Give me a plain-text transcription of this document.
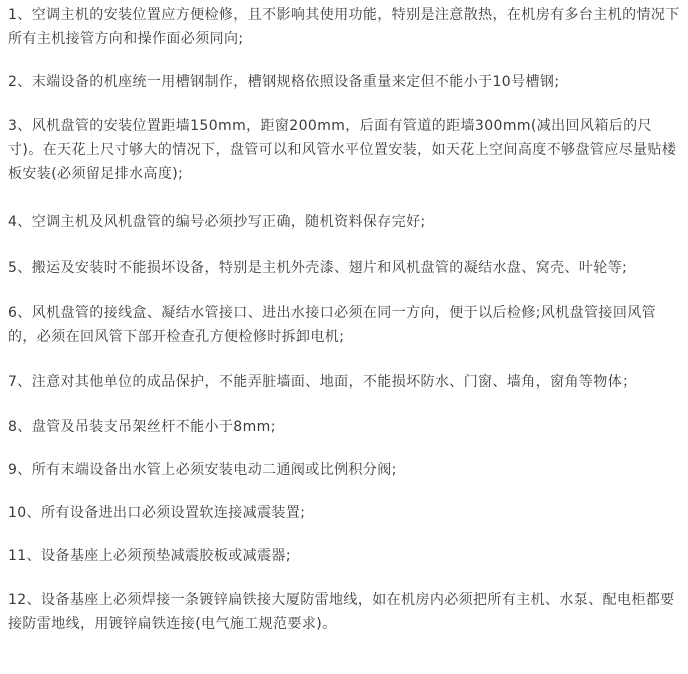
1、空调主机的安装位置应方便检修，且不影响其使用功能，特别是注意散热，在机房有多台主机的情况下所有主机接管方向和操作面必须同向;

2、末端设备的机座统一用槽钢制作，槽钢规格依照设备重量来定但不能小于10号槽钢;

3、风机盘管的安装位置距墙150mm，距窗200mm，后面有管道的距墙300mm(减出回风箱后的尺寸)。在天花上尺寸够大的情况下，盘管可以和风管水平位置安装，如天花上空间高度不够盘管应尽量贴楼板安装(必须留足排水高度);

4、空调主机及风机盘管的编号必须抄写正确，随机资料保存完好;

5、搬运及安装时不能损坏设备，特别是主机外壳漆、翅片和风机盘管的凝结水盘、窝壳、叶轮等;

6、风机盘管的接线盒、凝结水管接口、进出水接口必须在同一方向，便于以后检修;风机盘管接回风管的，必须在回风管下部开检查孔方便检修时拆卸电机;

7、注意对其他单位的成品保护，不能弄脏墙面、地面，不能损坏防水、门窗、墙角，窗角等物体；

8、盘管及吊装支吊架丝杆不能小于8mm;

9、所有末端设备出水管上必须安装电动二通阀或比例积分阀;

10、所有设备进出口必须设置软连接减震装置;

11、设备基座上必须预垫减震胶板或减震器;

12、设备基座上必须焊接一条镀锌扁铁接大厦防雷地线，如在机房内必须把所有主机、水泵、配电柜都要接防雷地线，用镀锌扁铁连接(电气施工规范要求)。
